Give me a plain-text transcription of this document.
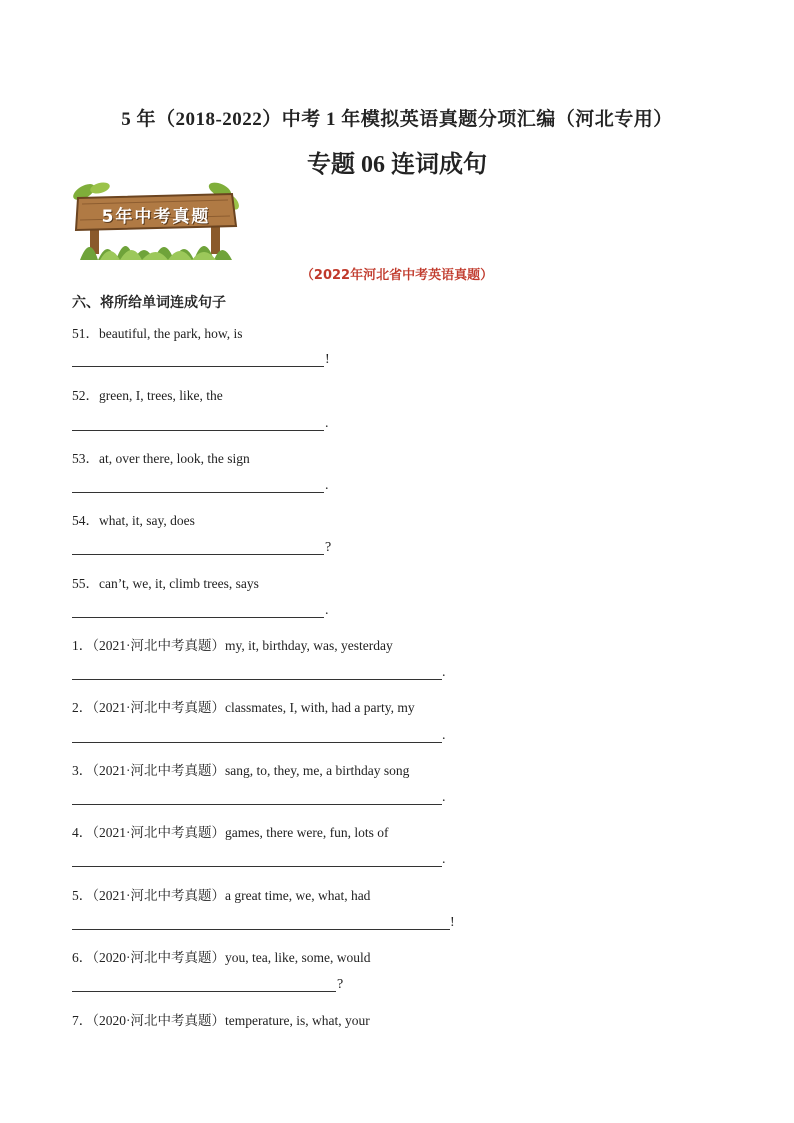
5 年（2018-2022）中考 1 年模拟英语真题分项汇编（河北专用）
专题 06 连词成句
5年中考真题
（2022年河北省中考英语真题）
六、将所给单词连成句子
51．beautiful, the park, how, is
!
52．green, I, trees, like, the
.
53．at, over there, look, the sign
.
54．what, it, say, does
?
55．can’t, we, it, climb trees, says
.
1．（2021·河北中考真题）my, it, birthday, was, yesterday
.
2．（2021·河北中考真题）classmates, I, with, had a party, my
.
3．（2021·河北中考真题）sang, to, they, me, a birthday song
.
4．（2021·河北中考真题）games, there were, fun, lots of
.
5．（2021·河北中考真题）a great time, we, what, had
!
6．（2020·河北中考真题）you, tea, like, some, would
?
7．（2020·河北中考真题）temperature, is, what, your
